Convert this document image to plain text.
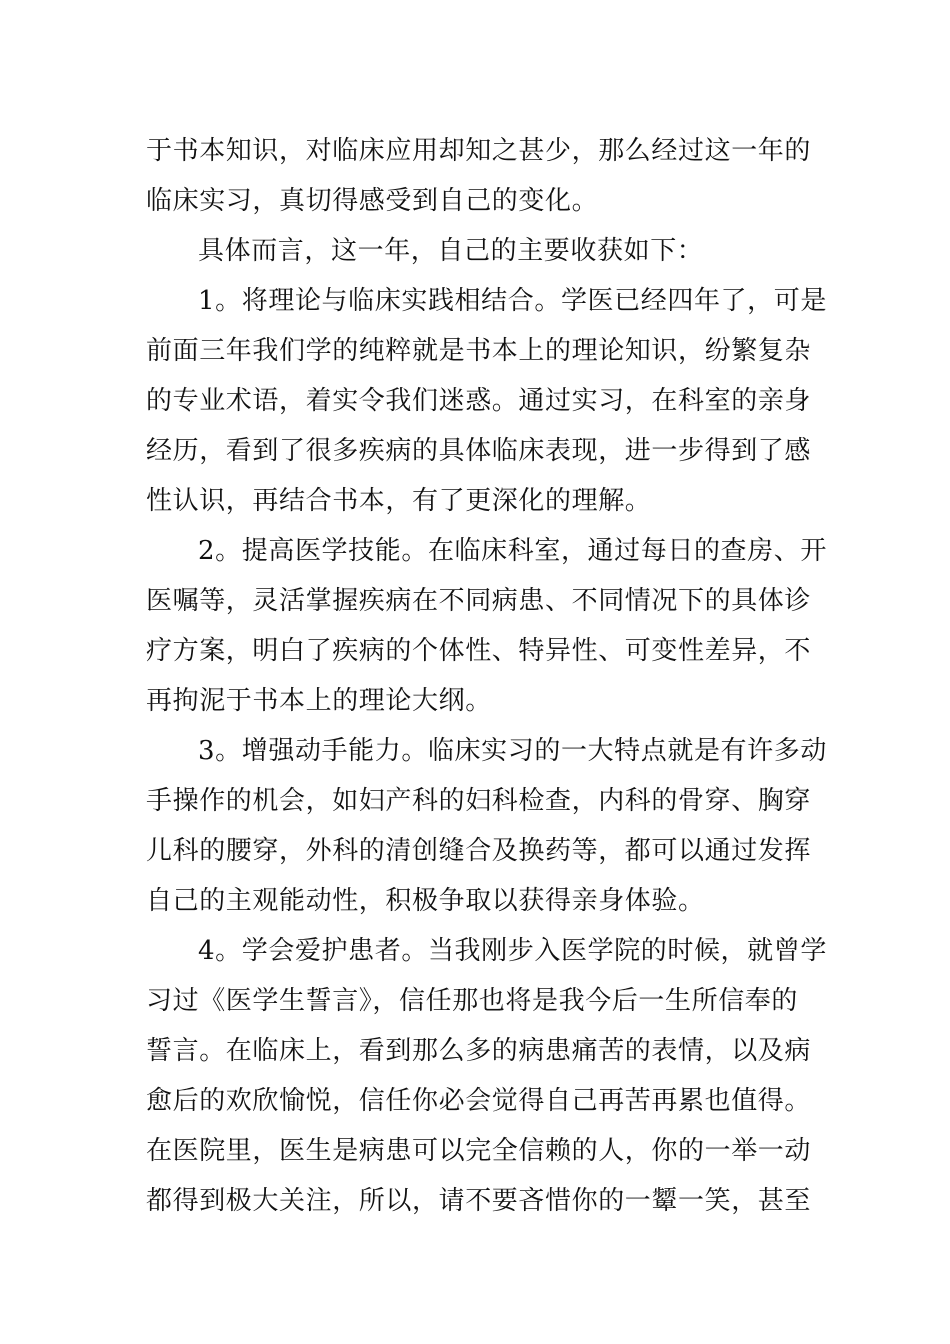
于书本知识，对临床应用却知之甚少，那么经过这一年的
临床实习，真切得感受到自己的变化。
具体而言，这一年，自己的主要收获如下：
1。将理论与临床实践相结合。学医已经四年了，可是
前面三年我们学的纯粹就是书本上的理论知识，纷繁复杂
的专业术语，着实令我们迷惑。通过实习，在科室的亲身
经历，看到了很多疾病的具体临床表现，进一步得到了感
性认识，再结合书本，有了更深化的理解。
2。提高医学技能。在临床科室，通过每日的查房、开
医嘱等，灵活掌握疾病在不同病患、不同情况下的具体诊
疗方案，明白了疾病的个体性、特异性、可变性差异，不
再拘泥于书本上的理论大纲。
3。增强动手能力。临床实习的一大特点就是有许多动
手操作的机会，如妇产科的妇科检查，内科的骨穿、胸穿
儿科的腰穿，外科的清创缝合及换药等，都可以通过发挥
自己的主观能动性，积极争取以获得亲身体验。
4。学会爱护患者。当我刚步入医学院的时候，就曾学
习过《医学生誓言》，信任那也将是我今后一生所信奉的
誓言。在临床上，看到那么多的病患痛苦的表情，以及病
愈后的欢欣愉悦，信任你必会觉得自己再苦再累也值得。
在医院里，医生是病患可以完全信赖的人，你的一举一动
都得到极大关注，所以，请不要吝惜你的一颦一笑，甚至
